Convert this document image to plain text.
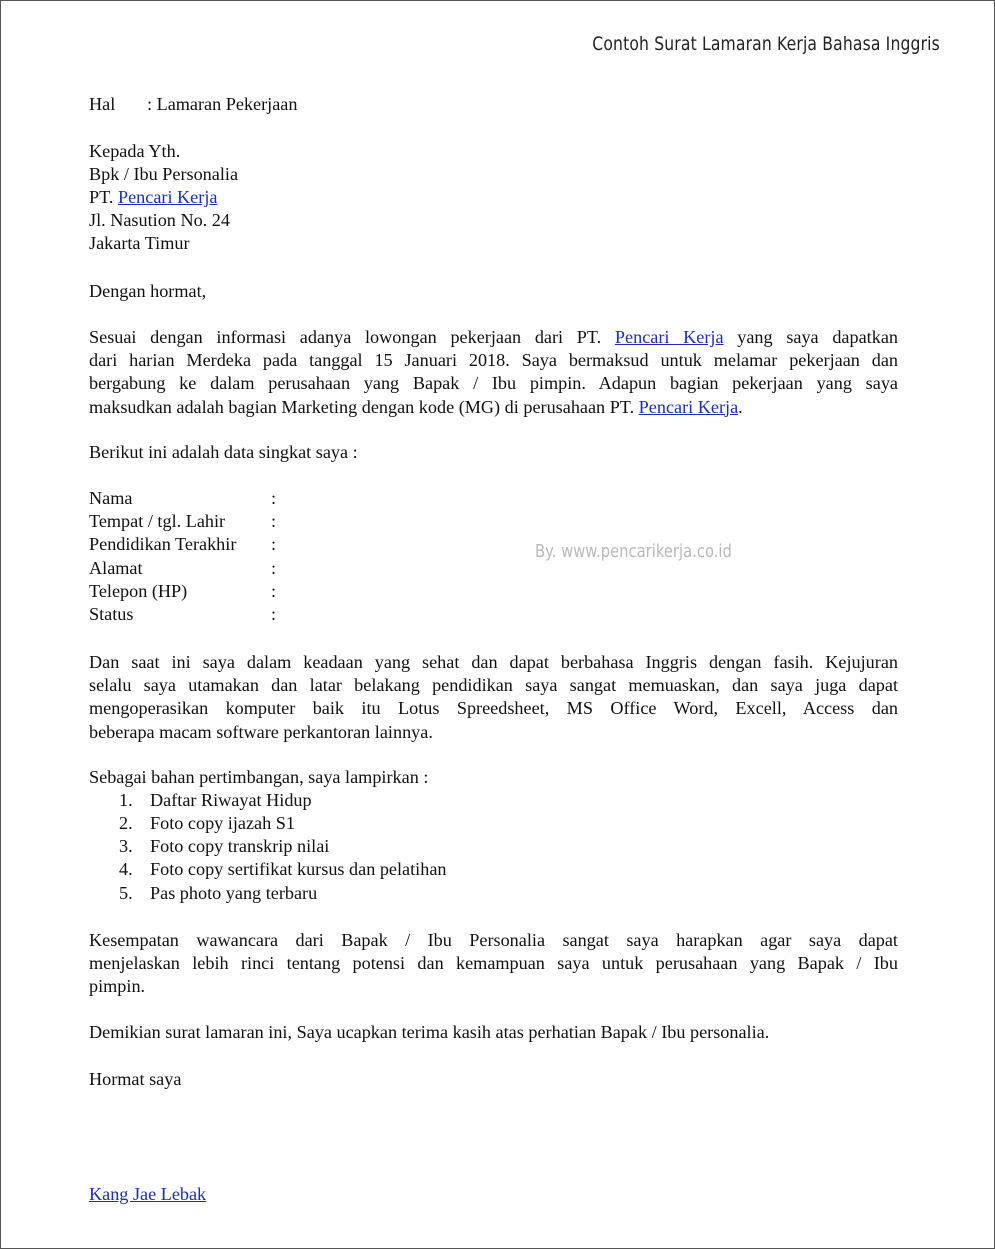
Contoh Surat Lamaran Kerja Bahasa Inggris
By. www.pencarikerja.co.id
Hal : Lamaran Pekerjaan
Kepada Yth.
Bpk / Ibu Personalia
PT. Pencari Kerja
Jl. Nasution No. 24
Jakarta Timur
Dengan hormat,
Sesuai dengan informasi adanya lowongan pekerjaan dari PT. Pencari Kerja yang saya dapatkan
dari harian Merdeka pada tanggal 15 Januari 2018. Saya bermaksud untuk melamar pekerjaan dan
bergabung ke dalam perusahaan yang Bapak / Ibu pimpin. Adapun bagian pekerjaan yang saya
maksudkan adalah bagian Marketing dengan kode (MG) di perusahaan PT. Pencari Kerja.
Berikut ini adalah data singkat saya :
Nama	:
Tempat / tgl. Lahir	:
Pendidikan Terakhir :
Alamat	:
Telepon (HP)	:
Status	:
Dan saat ini saya dalam keadaan yang sehat dan dapat berbahasa Inggris dengan fasih. Kejujuran
selalu saya utamakan dan latar belakang pendidikan saya sangat memuaskan, dan saya juga dapat
mengoperasikan komputer baik itu Lotus Spreedsheet, MS Office Word, Excell, Access dan
beberapa macam software perkantoran lainnya.
Sebagai bahan pertimbangan, saya lampirkan :
1. Daftar Riwayat Hidup
2. Foto copy ijazah S1
3. Foto copy transkrip nilai
4. Foto copy sertifikat kursus dan pelatihan
5. Pas photo yang terbaru
Kesempatan wawancara dari Bapak / Ibu Personalia sangat saya harapkan agar saya dapat
menjelaskan lebih rinci tentang potensi dan kemampuan saya untuk perusahaan yang Bapak / Ibu
pimpin.
Demikian surat lamaran ini, Saya ucapkan terima kasih atas perhatian Bapak / Ibu personalia.
Hormat saya
Kang Jae Lebak
